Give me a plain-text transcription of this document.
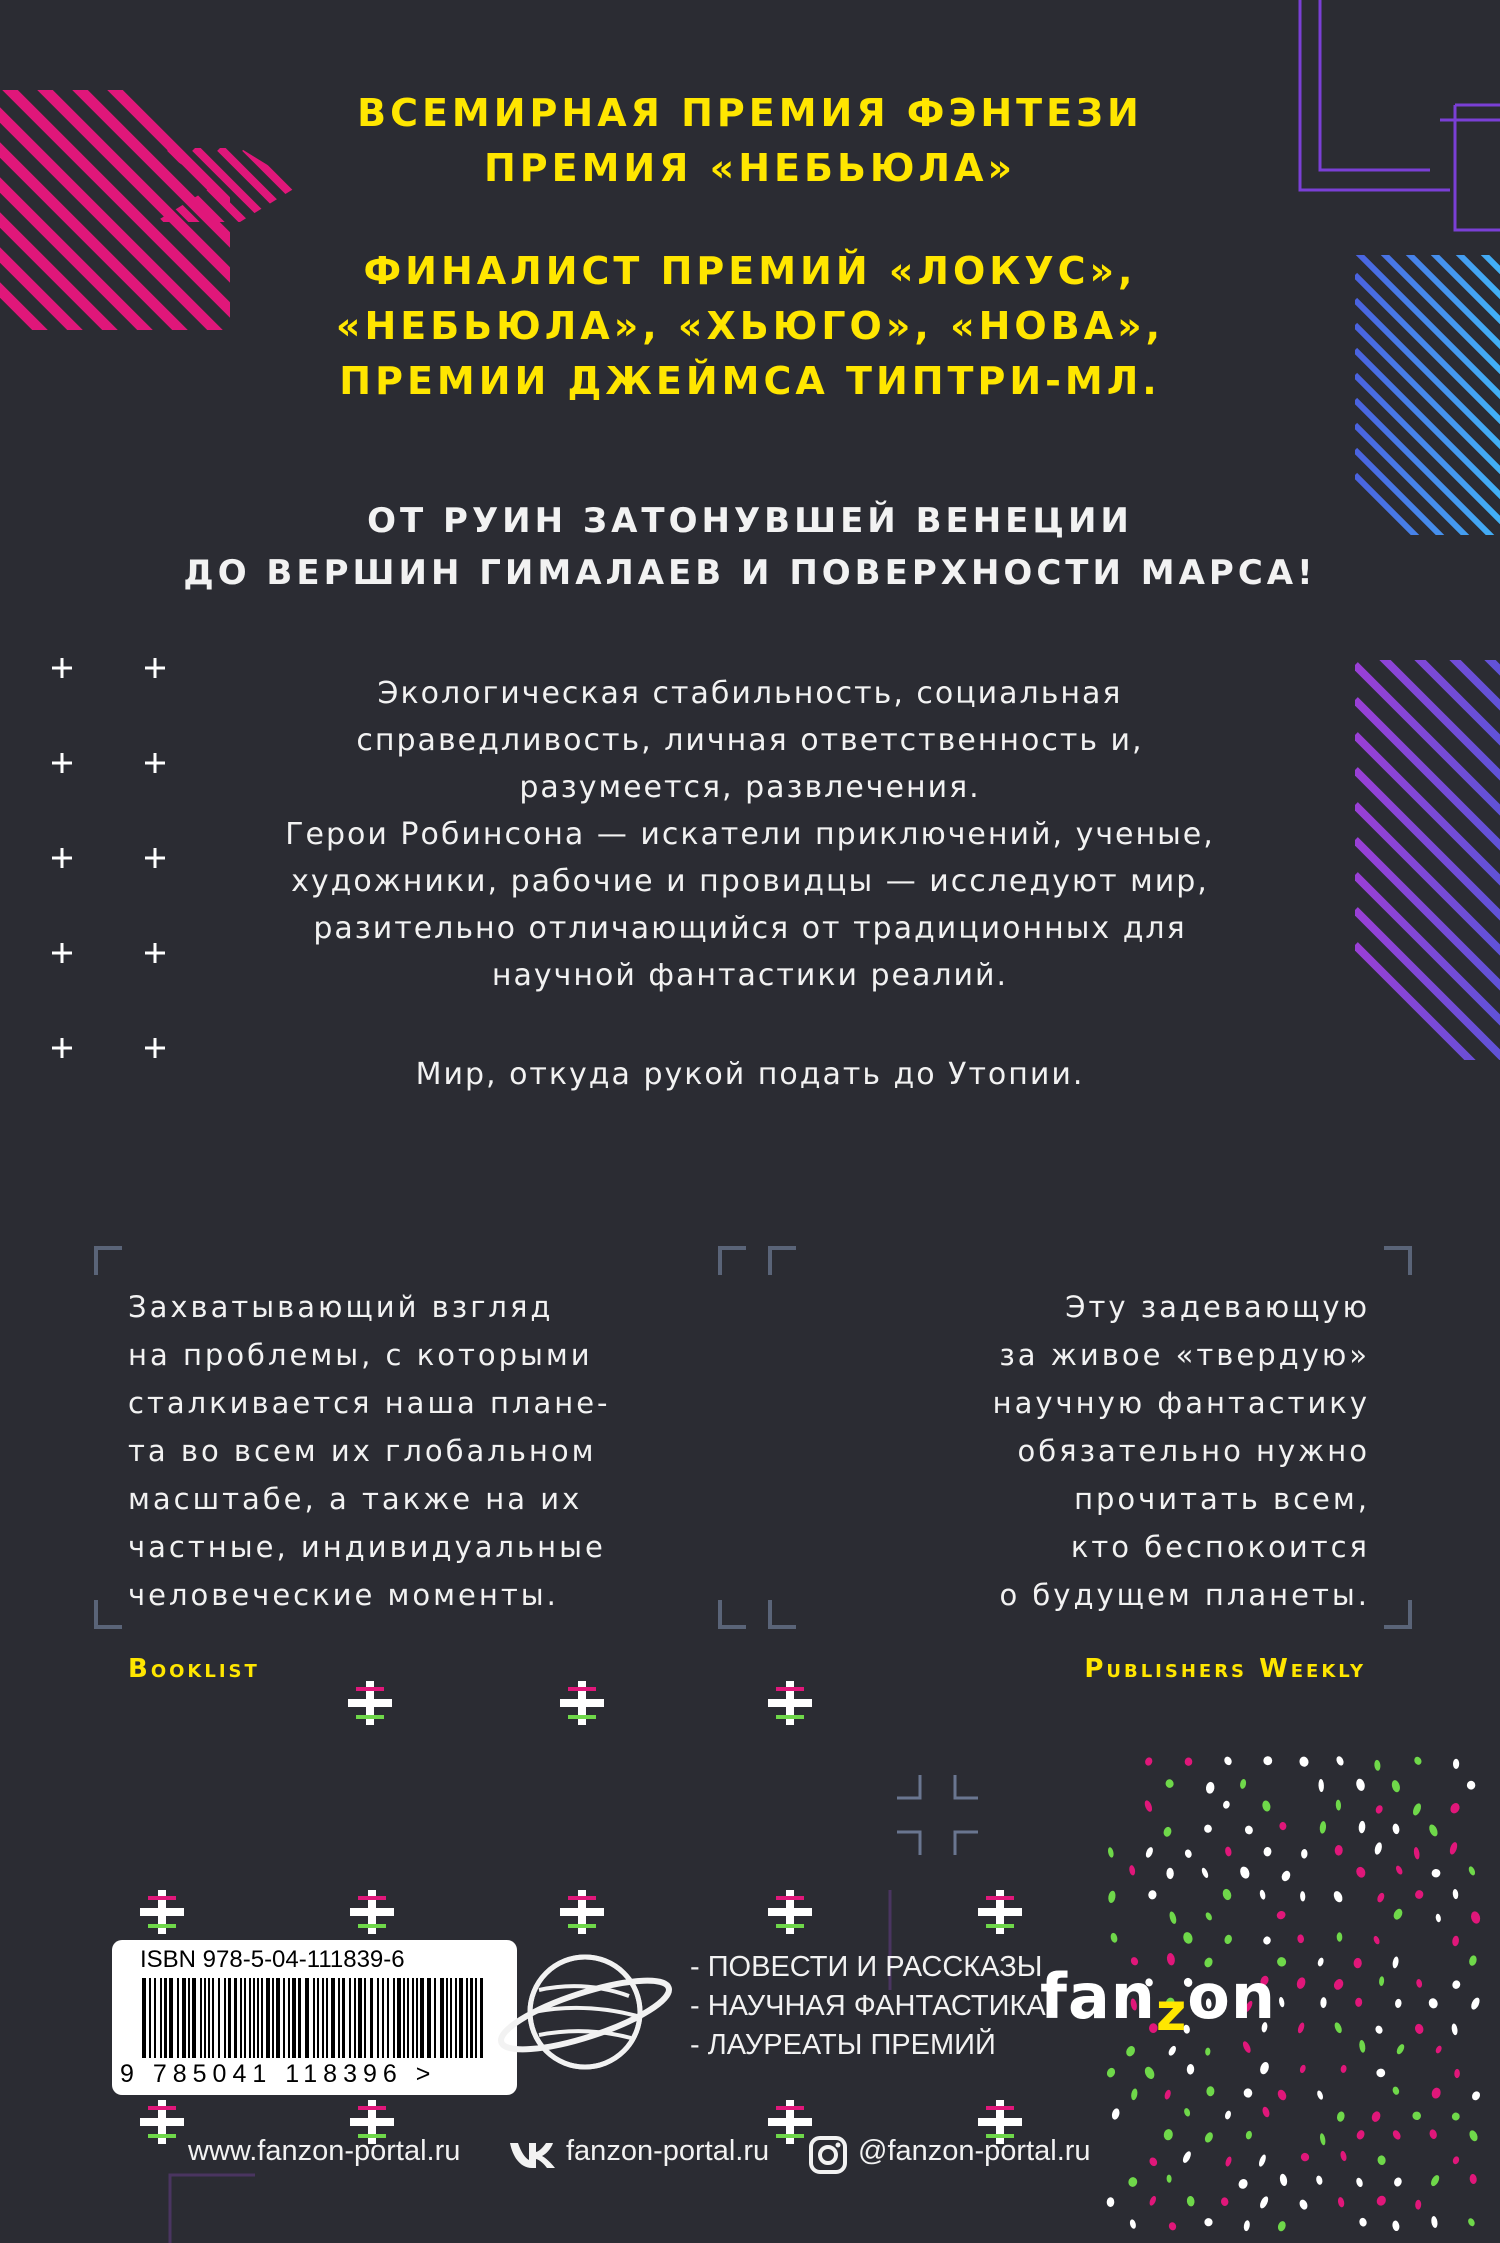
ВСЕМИРНАЯ ПРЕМИЯ ФЭНТЕЗИ
ПРЕМИЯ «НЕБЬЮЛА»
ФИНАЛИСТ ПРЕМИЙ «ЛОКУС»,
«НЕБЬЮЛА», «ХЬЮГО», «НОВА»,
ПРЕМИИ ДЖЕЙМСА ТИПТРИ-МЛ.
ОТ РУИН ЗАТОНУВШЕЙ ВЕНЕЦИИ
ДО ВЕРШИН ГИМАЛАЕВ И ПОВЕРХНОСТИ МАРСА!

Экологическая стабильность, социальная

справедливость, личная ответственность и,

разумеется, развлечения.

Герои Робинсона — искатели приключений, ученые,

художники, рабочие и провидцы — исследуют мир,

разительно отличающийся от традиционных для

научной фантастики реалий.

Мир, откуда рукой подать до Утопии.

Захватывающий взгляд

на проблемы, с которыми

сталкивается наша плане-

та во всем их глобальном

масштабе, а также на их

частные, индивидуальные

человеческие моменты.

Эту задевающую

за живое «твердую»

научную фантастику

обязательно нужно

прочитать всем,

кто беспокоится

о будущем планеты.

Booklist	Publishers Weekly
ISBN 978-5-04-111839-6
9 785041 118396 >
- ПОВЕСТИ И РАССКАЗЫ
- НАУЧНАЯ ФАНТАСТИКА
- ЛАУРЕАТЫ ПРЕМИЙ
fanzon
www.fanzon-portal.ru	fanzon-portal.ru	@fanzon-portal.ru
